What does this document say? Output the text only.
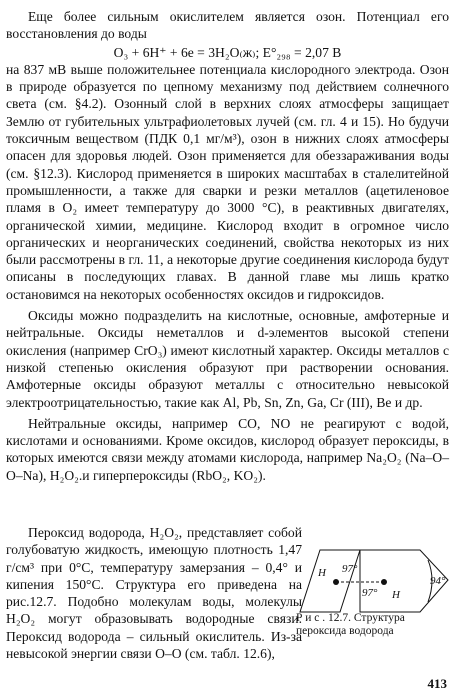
Еще более сильным окислителем является озон. Потенциал его восстановления до воды

O₃ + 6H⁺ + 6e = 3H₂O₍ж₎; E°₂₉₈ = 2,07 В

на 837 мВ выше положительнее потенциала кислородного электрода. Озон в природе образуется по цепному механизму под действием солнечного света (см. §4.2). Озонный слой в верхних слоях атмосферы защищает Землю от губительных ультрафиолетовых лучей (см. гл. 4 и 15). Но будучи токсичным веществом (ПДК 0,1 мг/м³), озон в нижних слоях атмосферы опасен для здоровья людей. Озон применяется для обеззараживания воды (см. §12.3). Кислород применяется в широких масштабах в сталелитейной промышленности, а также для сварки и резки металлов (ацетиленовое пламя в O₂ имеет температуру до 3000 °С), в реактивных двигателях, органической химии, медицине. Кислород входит в огромное число органических и неорганических соединений, свойства некоторых из них были рассмотрены в гл. 11, а некоторые другие соединения кислорода будут описаны в последующих главах. В данной главе мы лишь кратко остановимся на некоторых особенностях оксидов и гидроксидов.

Оксиды можно подразделить на кислотные, основные, амфотерные и нейтральные. Оксиды неметаллов и d-элементов высокой степени окисления (например CrO₃) имеют кислотный характер. Оксиды металлов с низкой степенью окисления образуют при растворении основания. Амфотерные оксиды образуют металлы с относительно невысокой электроотрицательностью, такие как Al, Pb, Sn, Zn, Ga, Cr (III), Be и др.

Нейтральные оксиды, например CO, NO не реагируют с водой, кислотами и основаниями. Кроме оксидов, кислород образует пероксиды, в которых имеются связи между атомами кислорода, например Na₂O₂ (Na–O–O–Na), H₂O₂.и гиперпероксиды (RbO₂, KO₂).

Пероксид водорода, H₂O₂, представляет собой голубоватую жидкость, имеющую плотность 1,47 г/см³ при 0°С, температуру замерзания – 0,4° и кипения 150°С. Структура его приведена на рис.12.7. Подобно молекулам воды, молекулы H₂O₂ могут образовывать водородные связи. Пероксид водорода – сильный окислитель. Из-за невысокой энергии связи О–О (см. табл. 12.6),

H
H
97°
97°
94°
Р и с . 12.7. Структура пероксида водорода
413
